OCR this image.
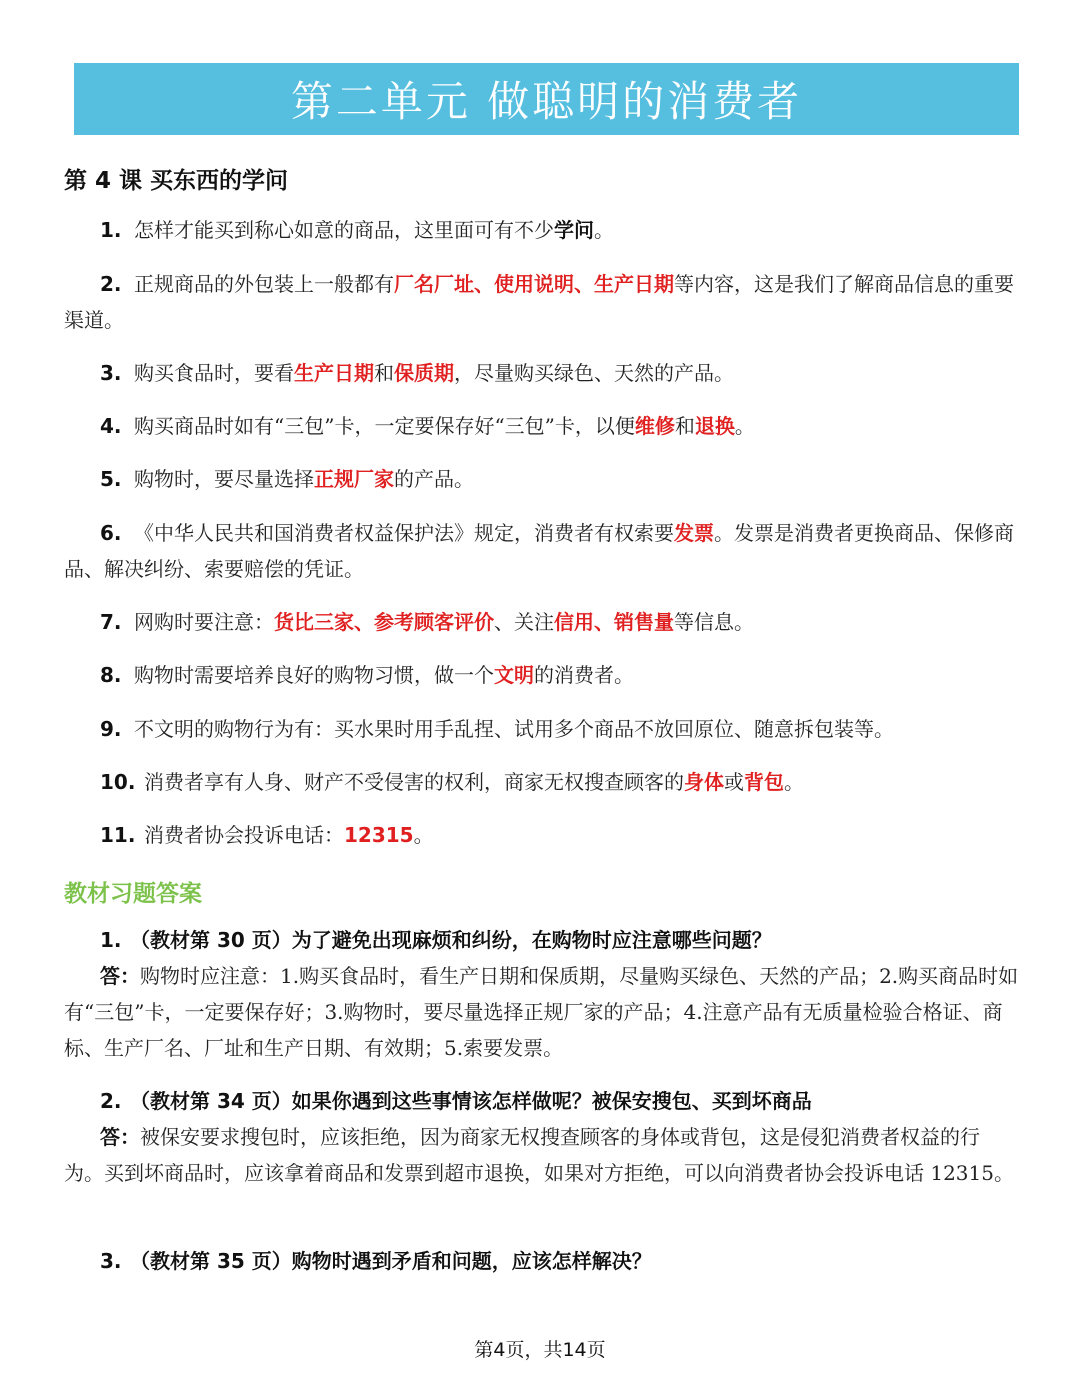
第二单元 做聪明的消费者
第 4 课 买东西的学问

1. 怎样才能买到称心如意的商品，这里面可有不少学问。

2. 正规商品的外包装上一般都有厂名厂址、使用说明、生产日期等内容，这是我们了解商品信息的重要渠道。

3. 购买食品时，要看生产日期和保质期，尽量购买绿色、天然的产品。

4. 购买商品时如有“三包”卡，一定要保存好“三包”卡，以便维修和退换。

5. 购物时，要尽量选择正规厂家的产品。

6. 《中华人民共和国消费者权益保护法》规定，消费者有权索要发票。发票是消费者更换商品、保修商品、解决纠纷、索要赔偿的凭证。

7. 网购时要注意：货比三家、参考顾客评价、关注信用、销售量等信息。

8. 购物时需要培养良好的购物习惯，做一个文明的消费者。

9. 不文明的购物行为有：买水果时用手乱捏、试用多个商品不放回原位、随意拆包装等。

10. 消费者享有人身、财产不受侵害的权利，商家无权搜查顾客的身体或背包。

11. 消费者协会投诉电话：12315。

教材习题答案

1. （教材第 30 页）为了避免出现麻烦和纠纷，在购物时应注意哪些问题？

答：购物时应注意：1.购买食品时，看生产日期和保质期，尽量购买绿色、天然的产品；2.购买商品时如有“三包”卡，一定要保存好；3.购物时，要尽量选择正规厂家的产品；4.注意产品有无质量检验合格证、商标、生产厂名、厂址和生产日期、有效期；5.索要发票。

2. （教材第 34 页）如果你遇到这些事情该怎样做呢？被保安搜包、买到坏商品

答：被保安要求搜包时，应该拒绝，因为商家无权搜查顾客的身体或背包，这是侵犯消费者权益的行为。买到坏商品时，应该拿着商品和发票到超市退换，如果对方拒绝，可以向消费者协会投诉电话 12315。

3. （教材第 35 页）购物时遇到矛盾和问题，应该怎样解决？

第4页，共14页
